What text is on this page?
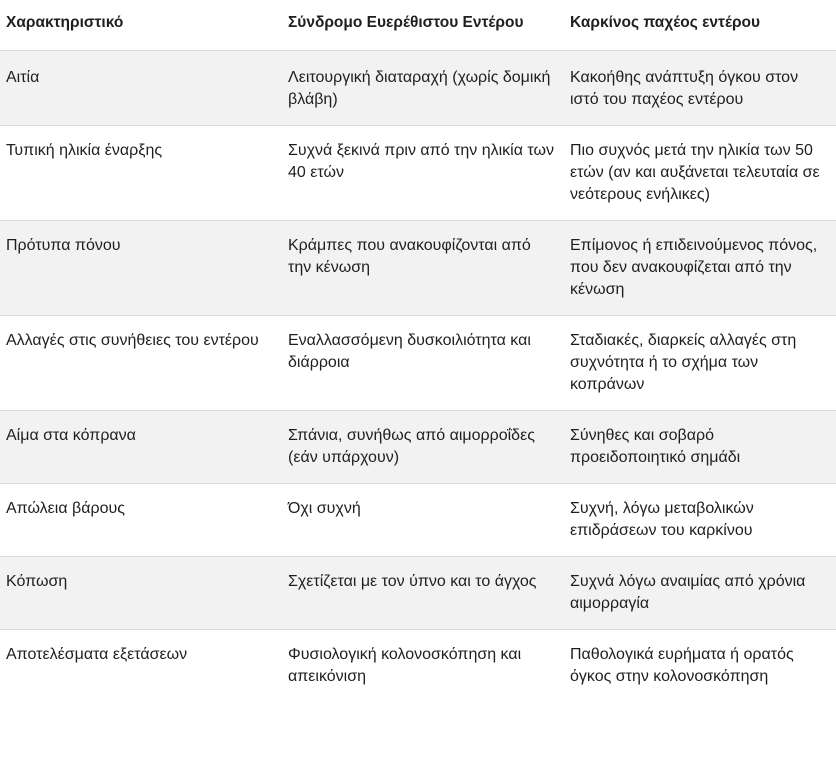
Χαρακτηριστικό	Σύνδρομο Ευερέθιστου Εντέρου	Καρκίνος παχέος εντέρου
Αιτία	Λειτουργική διαταραχή (χωρίς δομική βλάβη)	Κακοήθης ανάπτυξη όγκου στον ιστό του παχέος εντέρου
Τυπική ηλικία έναρξης	Συχνά ξεκινά πριν από την ηλικία των 40 ετών	Πιο συχνός μετά την ηλικία των 50 ετών (αν και αυξάνεται τελευταία σε νεότερους ενήλικες)
Πρότυπα πόνου	Κράμπες που ανακουφίζονται από την κένωση	Επίμονος ή επιδεινούμενος πόνος, που δεν ανακουφίζεται από την κένωση
Αλλαγές στις συνήθειες του εντέρου	Εναλλασσόμενη δυσκοιλιότητα και διάρροια	Σταδιακές, διαρκείς αλλαγές στη συχνότητα ή το σχήμα των κοπράνων
Αίμα στα κόπρανα	Σπάνια, συνήθως από αιμορροΐδες (εάν υπάρχουν)	Σύνηθες και σοβαρό προειδοποιητικό σημάδι
Απώλεια βάρους	Όχι συχνή	Συχνή, λόγω μεταβολικών επιδράσεων του καρκίνου
Κόπωση	Σχετίζεται με τον ύπνο και το άγχος	Συχνά λόγω αναιμίας από χρόνια αιμορραγία
Αποτελέσματα εξετάσεων	Φυσιολογική κολονοσκόπηση και απεικόνιση	Παθολογικά ευρήματα ή ορατός όγκος στην κολονοσκόπηση
